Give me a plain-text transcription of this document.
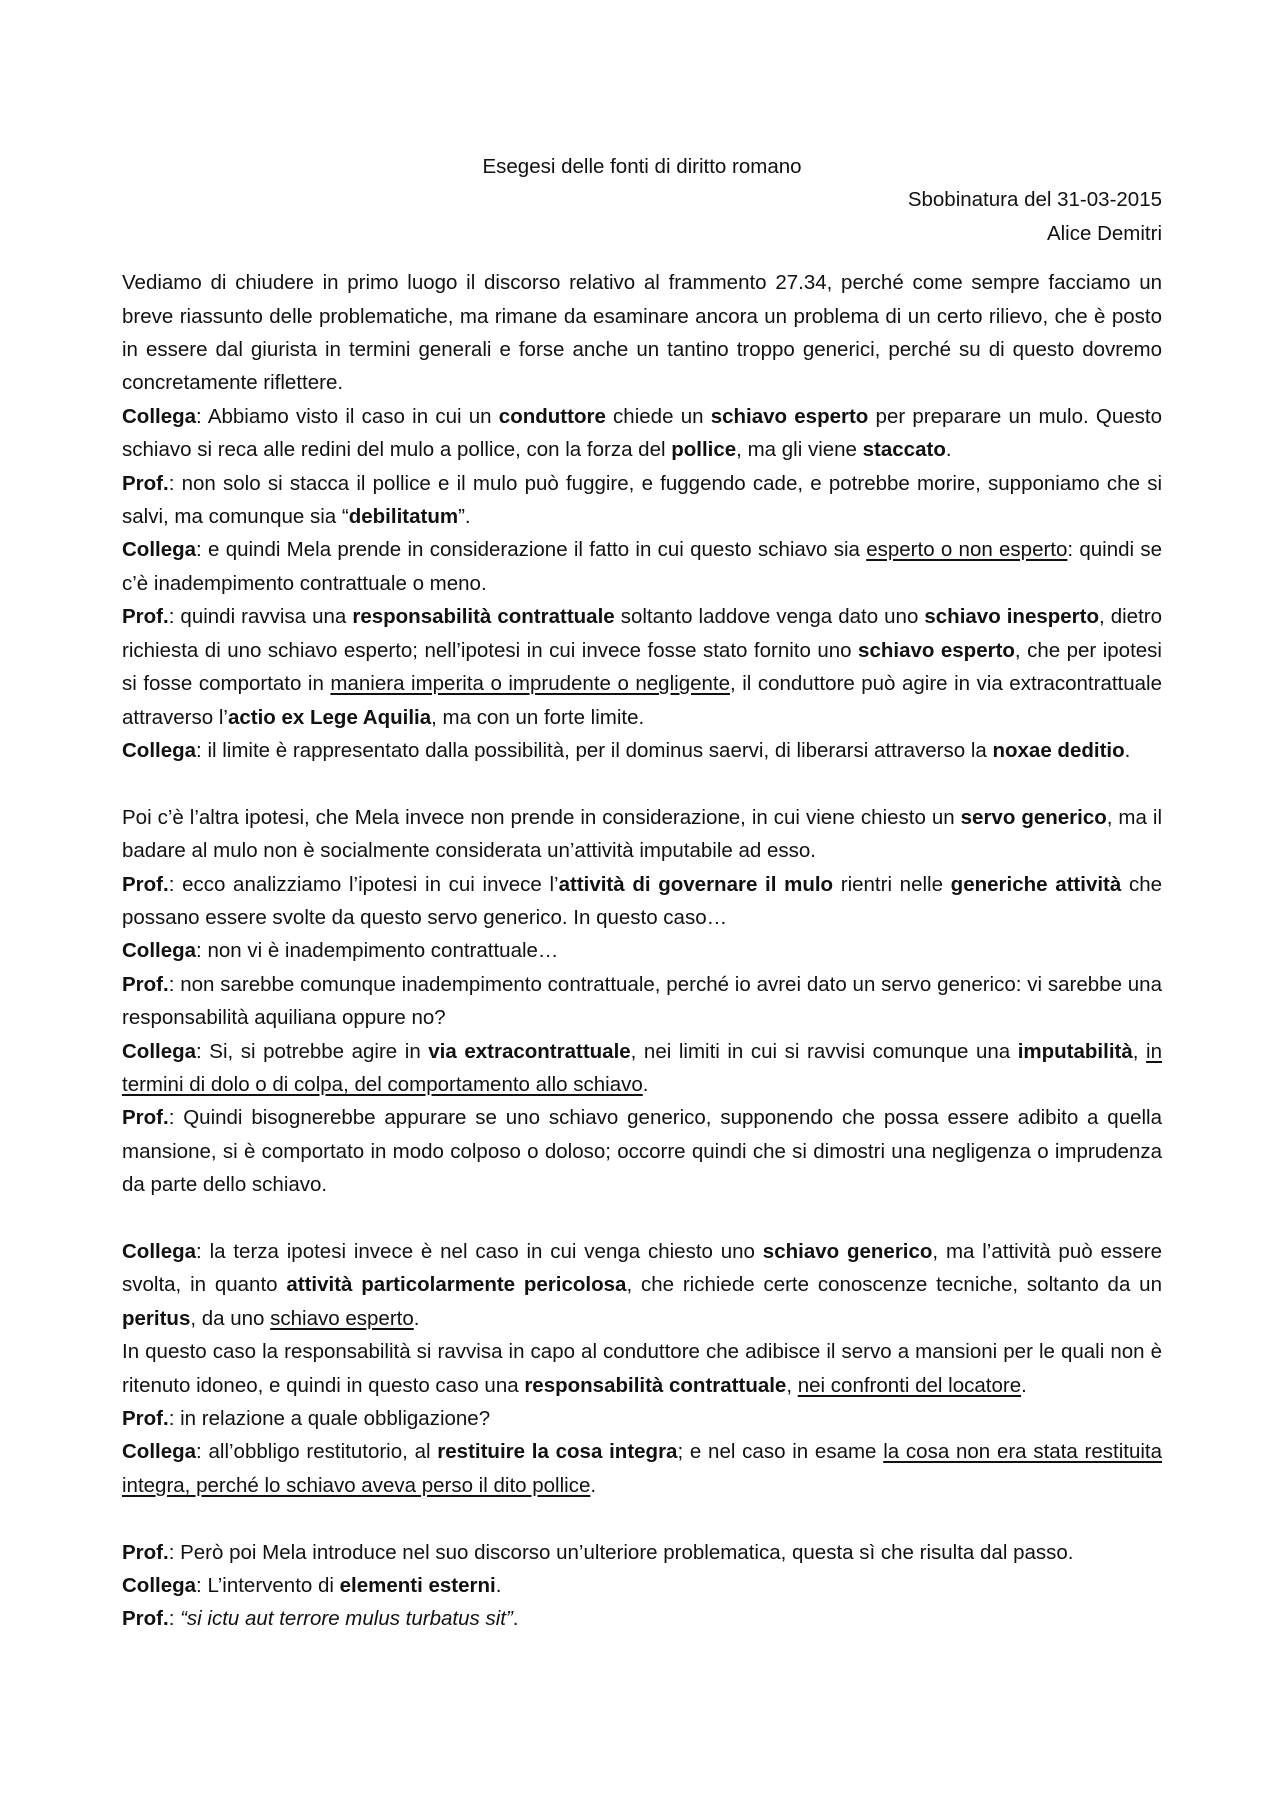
Esegesi delle fonti di diritto romano

Sbobinatura del 31-03-2015

Alice Demitri

Vediamo di chiudere in primo luogo il discorso relativo al frammento 27.34, perché come sempre facciamo un breve riassunto delle problematiche, ma rimane da esaminare ancora un problema di un certo rilievo, che è posto in essere dal giurista in termini generali e forse anche un tantino troppo generici, perché su di questo dovremo concretamente riflettere.

Collega: Abbiamo visto il caso in cui un conduttore chiede un schiavo esperto per preparare un mulo. Questo schiavo si reca alle redini del mulo a pollice, con la forza del pollice, ma gli viene staccato.

Prof.: non solo si stacca il pollice e il mulo può fuggire, e fuggendo cade, e potrebbe morire, supponiamo che si salvi, ma comunque sia “debilitatum”.

Collega: e quindi Mela prende in considerazione il fatto in cui questo schiavo sia esperto o non esperto: quindi se c’è inadempimento contrattuale o meno.

Prof.: quindi ravvisa una responsabilità contrattuale soltanto laddove venga dato uno schiavo inesperto, dietro richiesta di uno schiavo esperto; nell’ipotesi in cui invece fosse stato fornito uno schiavo esperto, che per ipotesi si fosse comportato in maniera imperita o imprudente o negligente, il conduttore può agire in via extracontrattuale attraverso l’actio ex Lege Aquilia, ma con un forte limite.

Collega: il limite è rappresentato dalla possibilità, per il dominus saervi, di liberarsi attraverso la noxae deditio.

Poi c’è l’altra ipotesi, che Mela invece non prende in considerazione, in cui viene chiesto un servo generico, ma il badare al mulo non è socialmente considerata un’attività imputabile ad esso.

Prof.: ecco analizziamo l’ipotesi in cui invece l’attività di governare il mulo rientri nelle generiche attività che possano essere svolte da questo servo generico. In questo caso…

Collega: non vi è inadempimento contrattuale…

Prof.: non sarebbe comunque inadempimento contrattuale, perché io avrei dato un servo generico: vi sarebbe una responsabilità aquiliana oppure no?

Collega: Si, si potrebbe agire in via extracontrattuale, nei limiti in cui si ravvisi comunque una imputabilità, in termini di dolo o di colpa, del comportamento allo schiavo.

Prof.: Quindi bisognerebbe appurare se uno schiavo generico, supponendo che possa essere adibito a quella mansione, si è comportato in modo colposo o doloso; occorre quindi che si dimostri una negligenza o imprudenza da parte dello schiavo.

Collega: la terza ipotesi invece è nel caso in cui venga chiesto uno schiavo generico, ma l’attività può essere svolta, in quanto attività particolarmente pericolosa, che richiede certe conoscenze tecniche, soltanto da un peritus, da uno schiavo esperto.

In questo caso la responsabilità si ravvisa in capo al conduttore che adibisce il servo a mansioni per le quali non è ritenuto idoneo, e quindi in questo caso una responsabilità contrattuale, nei confronti del locatore.

Prof.: in relazione a quale obbligazione?

Collega: all’obbligo restitutorio, al restituire la cosa integra; e nel caso in esame la cosa non era stata restituita integra, perché lo schiavo aveva perso il dito pollice.

Prof.: Però poi Mela introduce nel suo discorso un’ulteriore problematica, questa sì che risulta dal passo.

Collega: L’intervento di elementi esterni.

Prof.: “si ictu aut terrore mulus turbatus sit”.
